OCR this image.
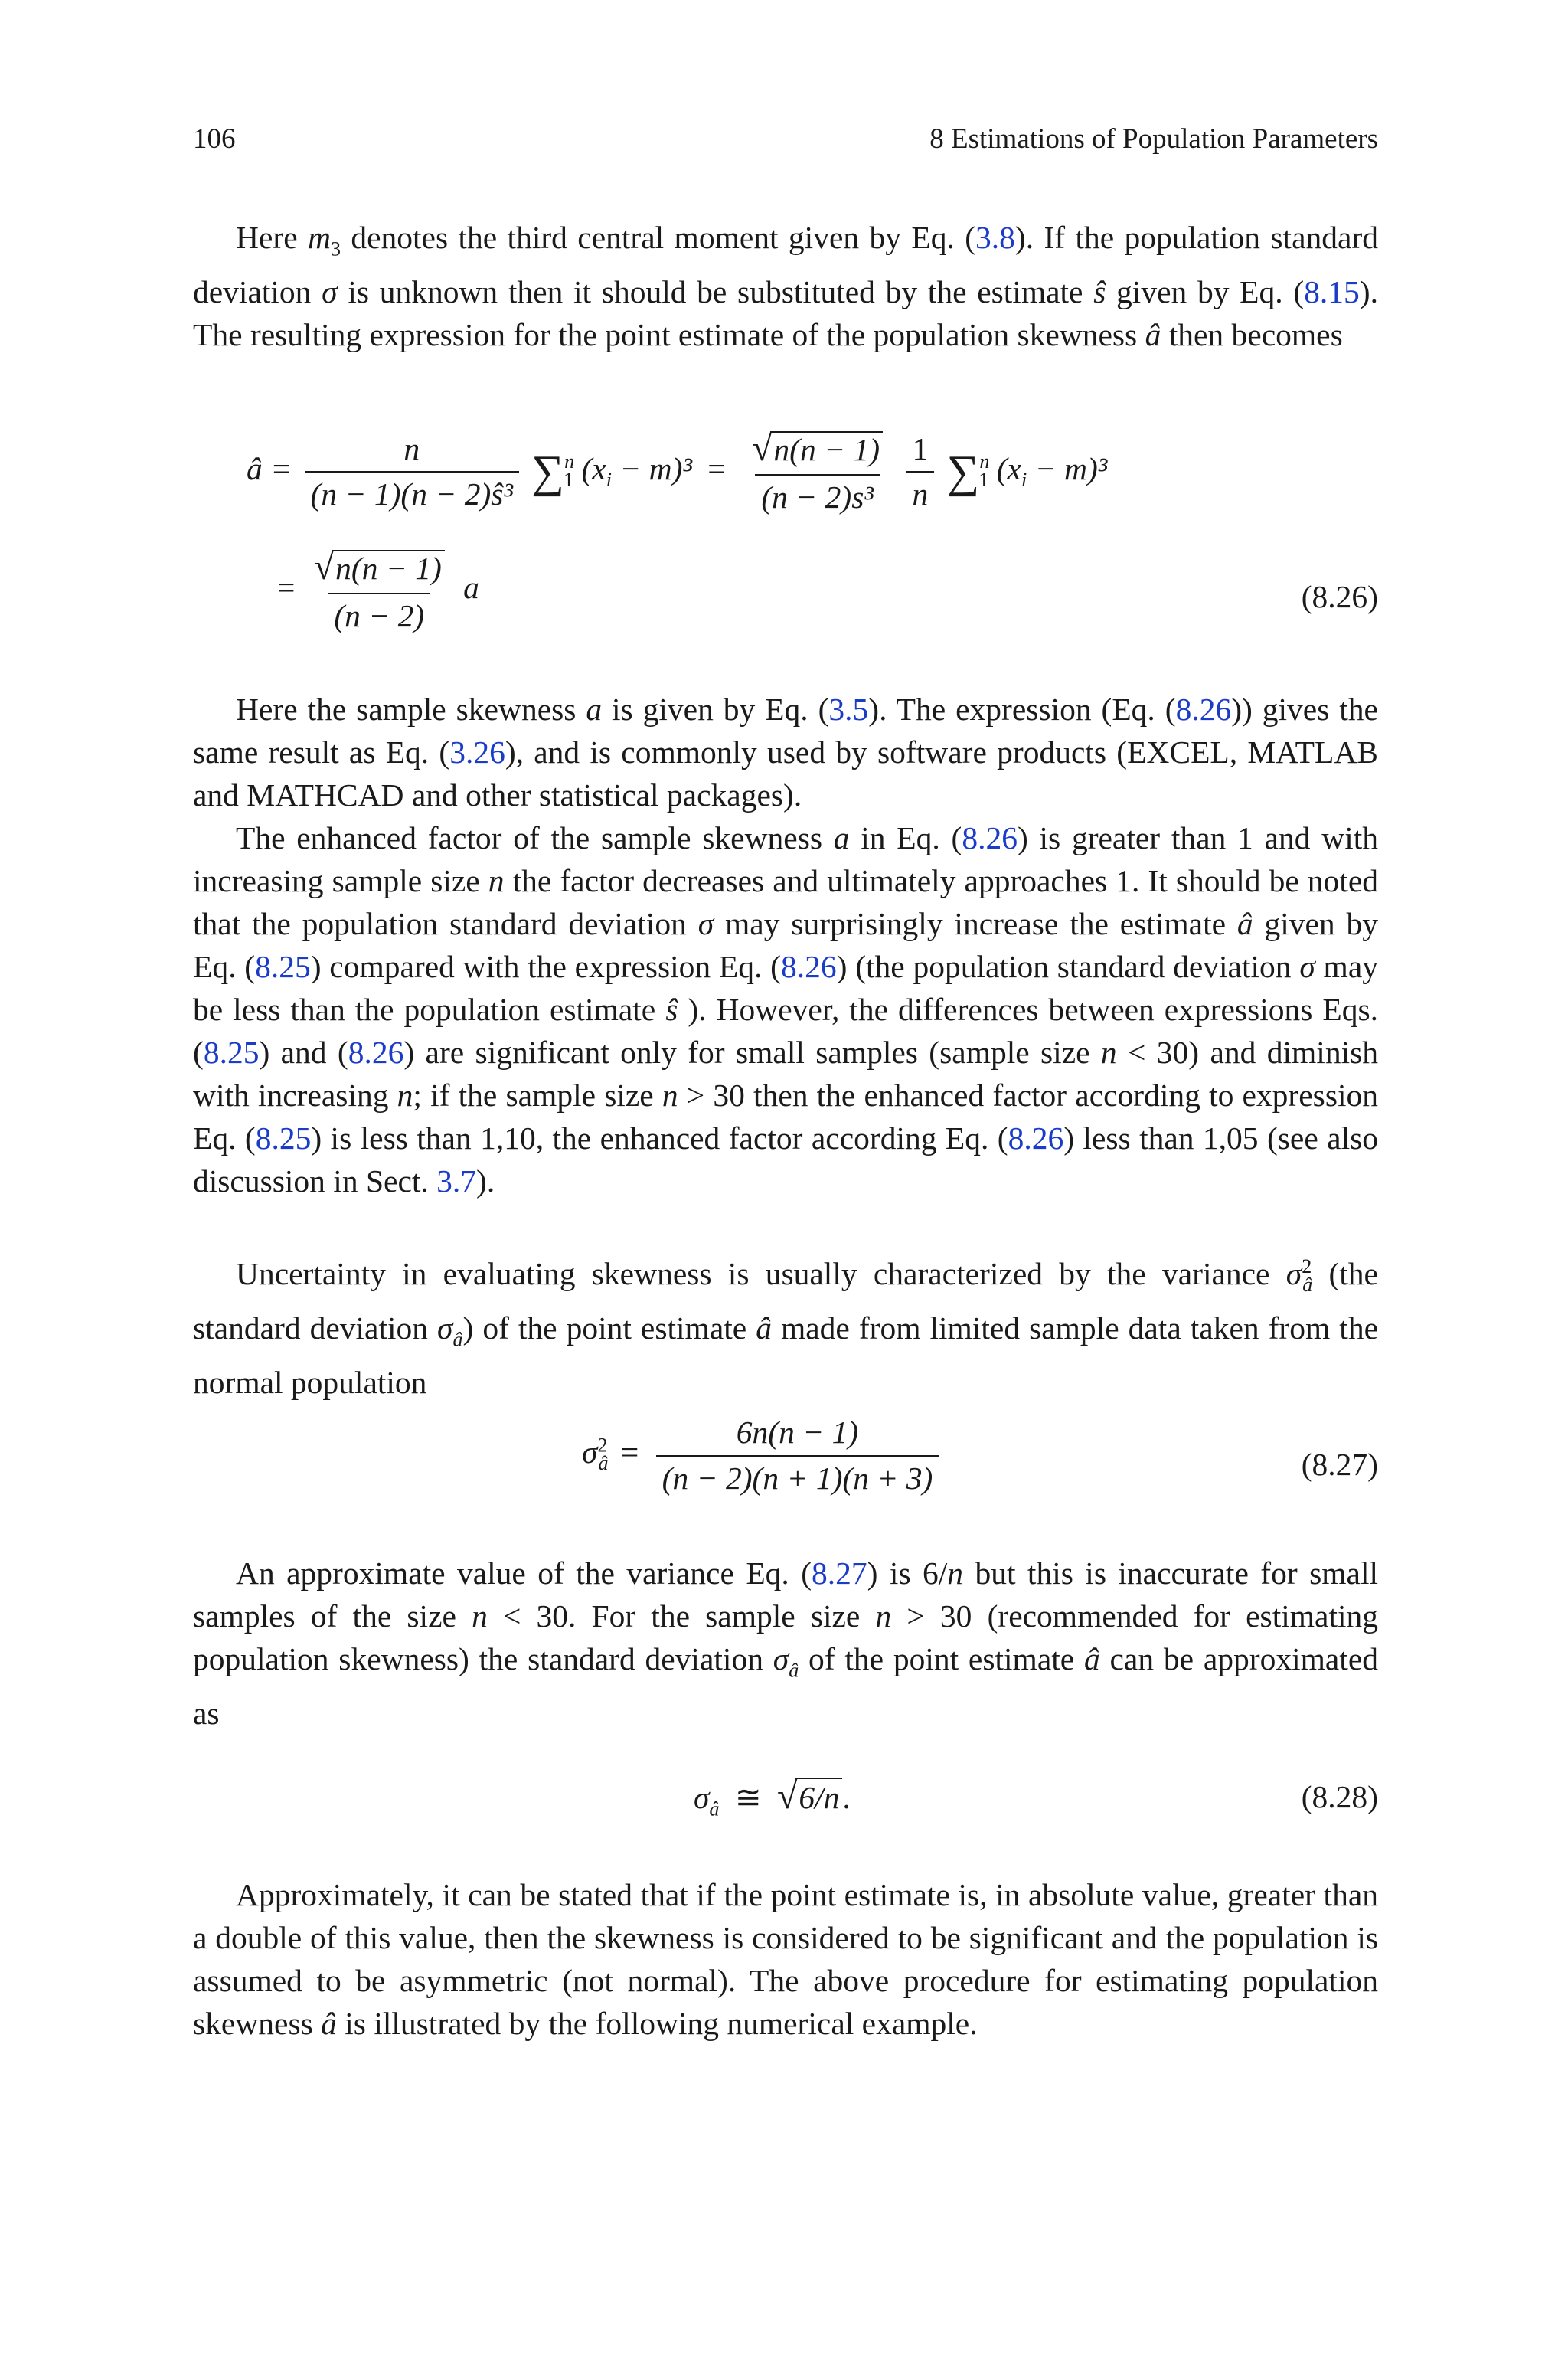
106	8 Estimations of Population Parameters

Here $m_3$ denotes the third central moment given by Eq. (3.8). If the population standard deviation σ is unknown then it should be substituted by the estimate ŝ given by Eq. (8.15). The resulting expression for the point estimate of the population skewness â then becomes

â = $\frac{n}{\text{(n − 1)(n − 2)ŝ³}} \sum^n_1$ $(x_i - m)^3 = \frac{√n(n - 1)}{\text{(n − 2)s³}}$
$\frac{1}{n} \sum^n_1$ $(x_i - m)^3$
= $\frac{√n(n - 1)}{(n - 2)}$ a	(8.26)

Here the sample skewness a is given by Eq. (3.5). The expression (Eq. (8.26)) gives the same result as Eq. (3.26), and is commonly used by software products (EXCEL, MATLAB and MATHCAD and other statistical packages).

The enhanced factor of the sample skewness a in Eq. (8.26) is greater than 1 and with increasing sample size n the factor decreases and ultimately approaches 1. It should be noted that the population standard deviation σ may surprisingly increase the estimate â given by Eq. (8.25) compared with the expression Eq. (8.26) (the population standard deviation σ may be less than the population estimate ŝ ). However, the differences between expressions Eqs. (8.25) and (8.26) are significant only for small samples (sample size n < 30) and diminish with increasing n; if the sample size n > 30 then the enhanced factor according to expression Eq. (8.25) is less than 1,10, the enhanced factor according Eq. (8.26) less than 1,05 (see also discussion in Sect. 3.7).

Uncertainty in evaluating skewness is usually characterized by the variance $\sigma^2_â$ (the standard deviation $\sigma_â$) of the point estimate â made from limited sample data taken from the normal population

$\sigma^2_â = \frac{6n(n - 1)}{(n - 2)(n + 1)(n + 3)}$	(8.27)

An approximate value of the variance Eq. (8.27) is 6/n but this is inaccurate for small samples of the size n < 30. For the sample size n > 30 (recommended for estimating population skewness) the standard deviation $\sigma_â$ of the point estimate â can be approximated as

$\sigma_â$ ≅ √6/n.	(8.28)

Approximately, it can be stated that if the point estimate is, in absolute value, greater than a double of this value, then the skewness is considered to be significant and the population is assumed to be asymmetric (not normal). The above procedure for estimating population skewness â is illustrated by the following numerical example.
